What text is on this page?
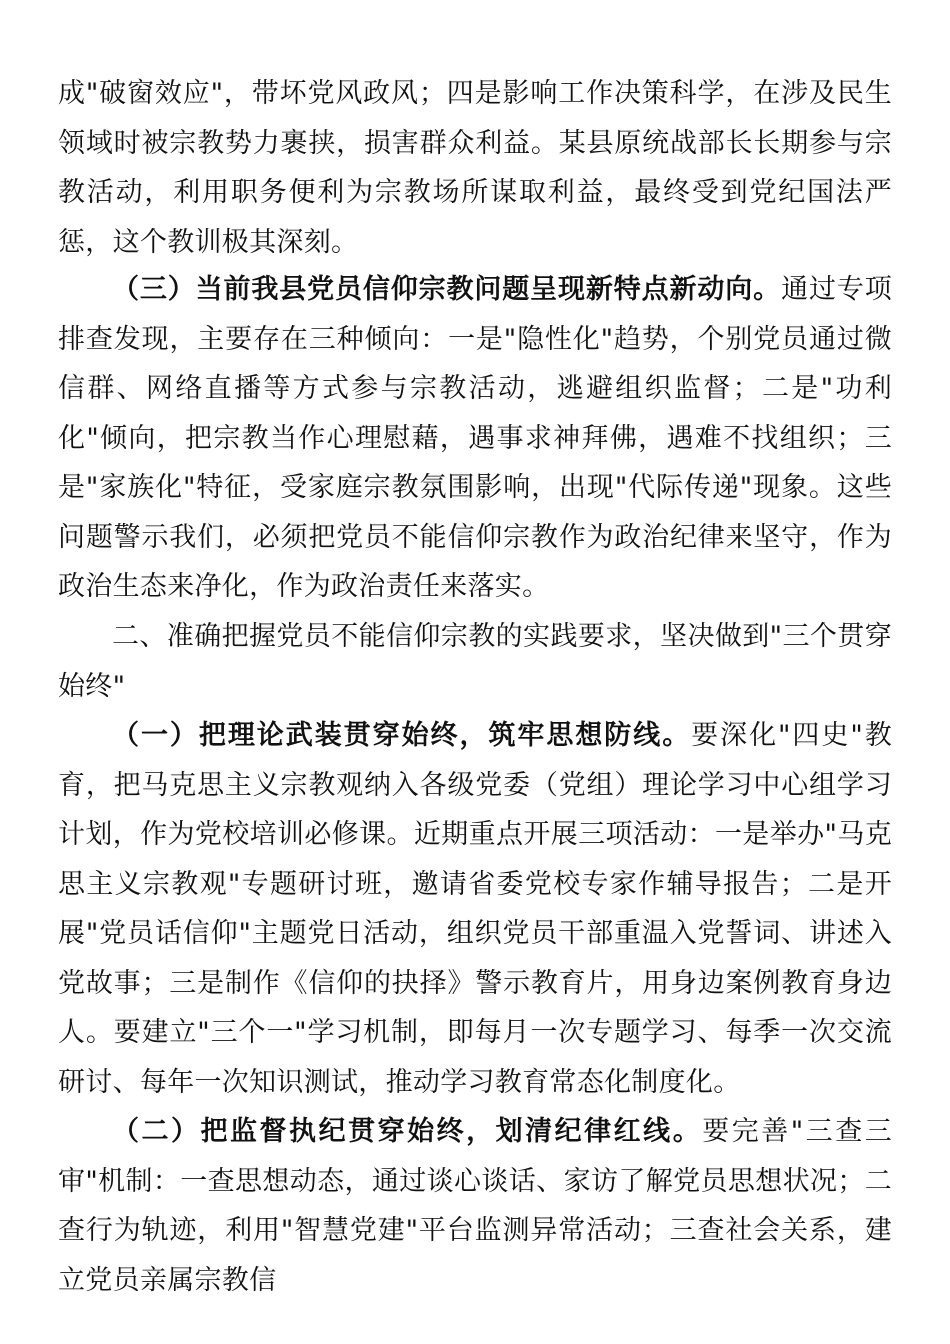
成"破窗效应"，带坏党风政风；四是影响工作决策科学，在涉及民生领域时被宗教势力裹挟，损害群众利益。某县原统战部长长期参与宗教活动，利用职务便利为宗教场所谋取利益，最终受到党纪国法严惩，这个教训极其深刻。

（三）当前我县党员信仰宗教问题呈现新特点新动向。通过专项排查发现，主要存在三种倾向：一是"隐性化"趋势，个别党员通过微信群、网络直播等方式参与宗教活动，逃避组织监督；二是"功利化"倾向，把宗教当作心理慰藉，遇事求神拜佛，遇难不找组织；三是"家族化"特征，受家庭宗教氛围影响，出现"代际传递"现象。这些问题警示我们，必须把党员不能信仰宗教作为政治纪律来坚守，作为政治生态来净化，作为政治责任来落实。

二、准确把握党员不能信仰宗教的实践要求，坚决做到"三个贯穿始终"

（一）把理论武装贯穿始终，筑牢思想防线。要深化"四史"教育，把马克思主义宗教观纳入各级党委（党组）理论学习中心组学习计划，作为党校培训必修课。近期重点开展三项活动：一是举办"马克思主义宗教观"专题研讨班，邀请省委党校专家作辅导报告；二是开展"党员话信仰"主题党日活动，组织党员干部重温入党誓词、讲述入党故事；三是制作《信仰的抉择》警示教育片，用身边案例教育身边人。要建立"三个一"学习机制，即每月一次专题学习、每季一次交流研讨、每年一次知识测试，推动学习教育常态化制度化。

（二）把监督执纪贯穿始终，划清纪律红线。要完善"三查三审"机制：一查思想动态，通过谈心谈话、家访了解党员思想状况；二查行为轨迹，利用"智慧党建"平台监测异常活动；三查社会关系，建立党员亲属宗教信
